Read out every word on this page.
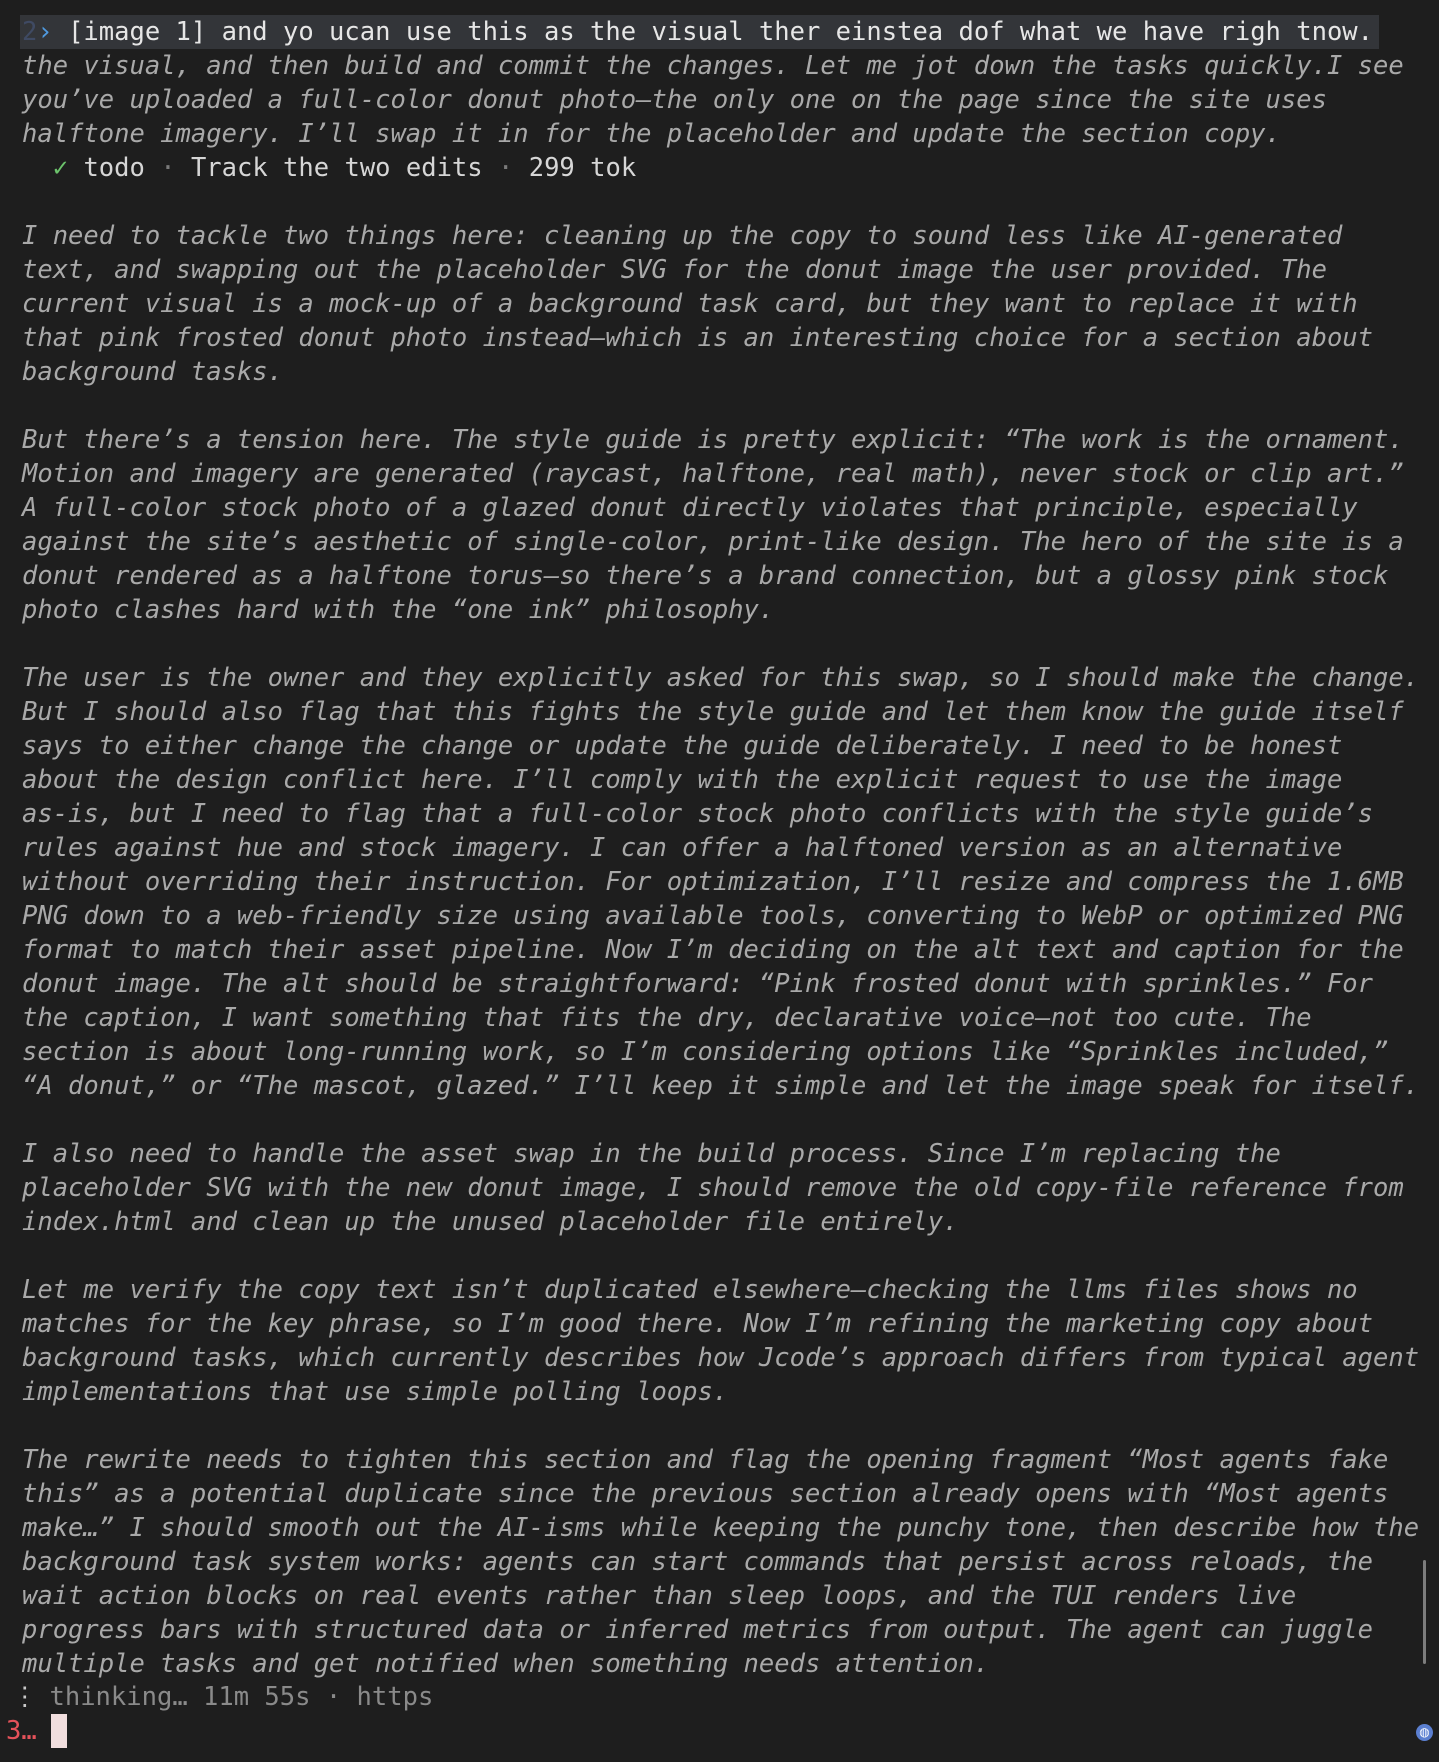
2› [image 1] and yo ucan use this as the visual ther einstea dof what we have righ tnow.
the visual, and then build and commit the changes. Let me jot down the tasks quickly.I see
you’ve uploaded a full-color donut photo—the only one on the page since the site uses
halftone imagery. I’ll swap it in for the placeholder and update the section copy.
✓ todo · Track the two edits · 299 tok
I need to tackle two things here: cleaning up the copy to sound less like AI-generated
text, and swapping out the placeholder SVG for the donut image the user provided. The
current visual is a mock-up of a background task card, but they want to replace it with
that pink frosted donut photo instead—which is an interesting choice for a section about
background tasks.
But there’s a tension here. The style guide is pretty explicit: “The work is the ornament.
Motion and imagery are generated (raycast, halftone, real math), never stock or clip art.”
A full-color stock photo of a glazed donut directly violates that principle, especially
against the site’s aesthetic of single-color, print-like design. The hero of the site is a
donut rendered as a halftone torus—so there’s a brand connection, but a glossy pink stock
photo clashes hard with the “one ink” philosophy.
The user is the owner and they explicitly asked for this swap, so I should make the change.
But I should also flag that this fights the style guide and let them know the guide itself
says to either change the change or update the guide deliberately. I need to be honest
about the design conflict here. I’ll comply with the explicit request to use the image
as-is, but I need to flag that a full-color stock photo conflicts with the style guide’s
rules against hue and stock imagery. I can offer a halftoned version as an alternative
without overriding their instruction. For optimization, I’ll resize and compress the 1.6MB
PNG down to a web-friendly size using available tools, converting to WebP or optimized PNG
format to match their asset pipeline. Now I’m deciding on the alt text and caption for the
donut image. The alt should be straightforward: “Pink frosted donut with sprinkles.” For
the caption, I want something that fits the dry, declarative voice—not too cute. The
section is about long-running work, so I’m considering options like “Sprinkles included,”
“A donut,” or “The mascot, glazed.” I’ll keep it simple and let the image speak for itself.
I also need to handle the asset swap in the build process. Since I’m replacing the
placeholder SVG with the new donut image, I should remove the old copy-file reference from
index.html and clean up the unused placeholder file entirely.
Let me verify the copy text isn’t duplicated elsewhere—checking the llms files shows no
matches for the key phrase, so I’m good there. Now I’m refining the marketing copy about
background tasks, which currently describes how Jcode’s approach differs from typical agent
implementations that use simple polling loops.
The rewrite needs to tighten this section and flag the opening fragment “Most agents fake
this” as a potential duplicate since the previous section already opens with “Most agents
make…” I should smooth out the AI-isms while keeping the punchy tone, then describe how the
background task system works: agents can start commands that persist across reloads, the
wait action blocks on real events rather than sleep loops, and the TUI renders live
progress bars with structured data or inferred metrics from output. The agent can juggle
multiple tasks and get notified when something needs attention.
⋮ thinking… 11m 55s · https
3…	◍
